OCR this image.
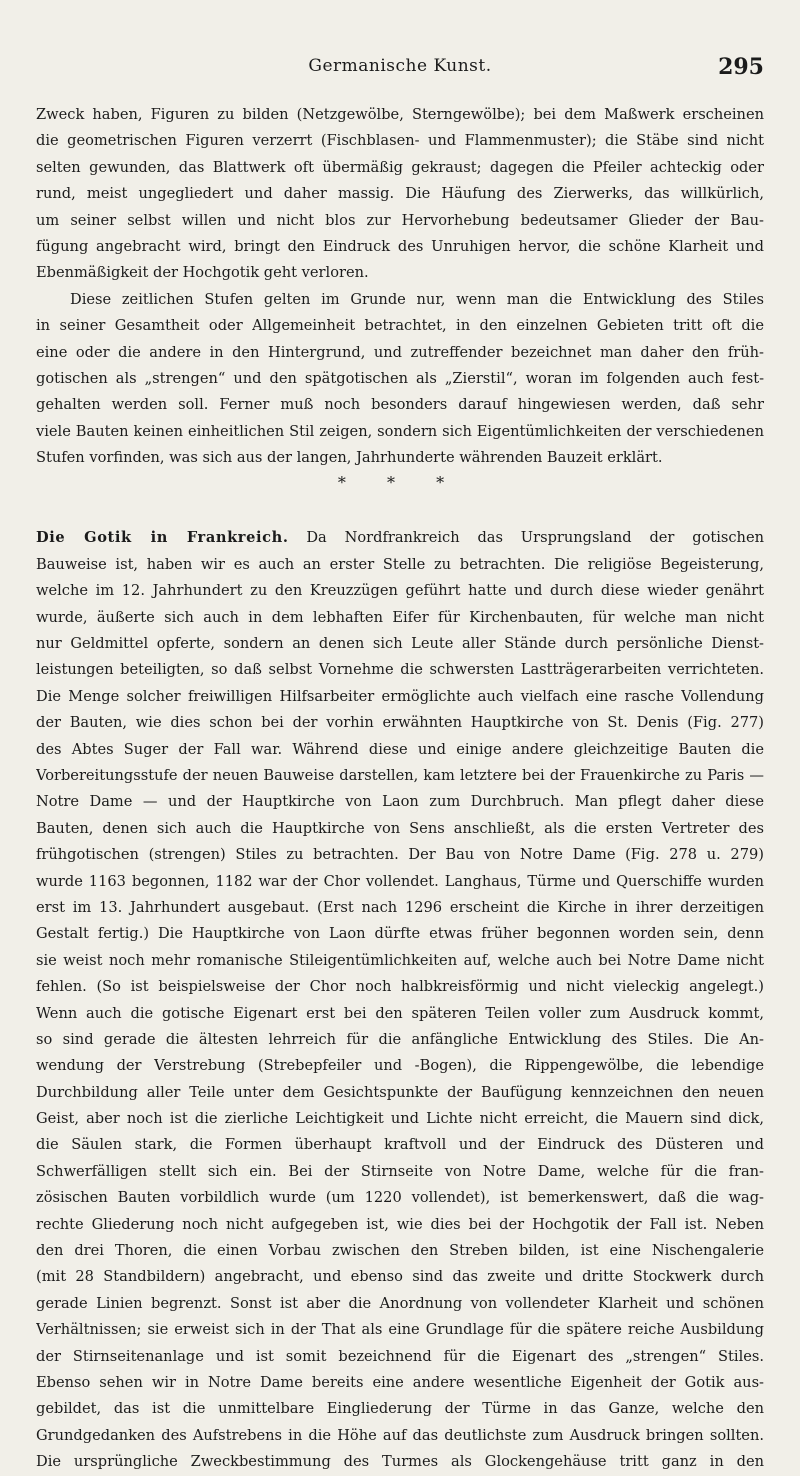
Germanische Kunst.	295
Zweck haben, Figuren zu bilden (Netzgewölbe, Sterngewölbe); bei dem Maßwerk erscheinen
die geometrischen Figuren verzerrt (Fischblasen- und Flammenmuster); die Stäbe sind nicht
selten gewunden, das Blattwerk oft übermäßig gekraust; dagegen die Pfeiler achteckig oder
rund, meist ungegliedert und daher massig. Die Häufung des Zierwerks, das willkürlich,
um seiner selbst willen und nicht blos zur Hervorhebung bedeutsamer Glieder der Bau-
fügung angebracht wird, bringt den Eindruck des Unruhigen hervor, die schöne Klarheit und
Ebenmäßigkeit der Hochgotik geht verloren.
Diese zeitlichen Stufen gelten im Grunde nur, wenn man die Entwicklung des Stiles
in seiner Gesamtheit oder Allgemeinheit betrachtet, in den einzelnen Gebieten tritt oft die
eine oder die andere in den Hintergrund, und zutreffender bezeichnet man daher den früh-
gotischen als „strengen“ und den spätgotischen als „Zierstil“, woran im folgenden auch fest-
gehalten werden soll. Ferner muß noch besonders darauf hingewiesen werden, daß sehr
viele Bauten keinen einheitlichen Stil zeigen, sondern sich Eigentümlichkeiten der verschiedenen
Stufen vorfinden, was sich aus der langen, Jahrhunderte währenden Bauzeit erklärt.
* * *
Die Gotik in Frankreich. Da Nordfrankreich das Ursprungsland der gotischen
Bauweise ist, haben wir es auch an erster Stelle zu betrachten. Die religiöse Begeisterung,
welche im 12. Jahrhundert zu den Kreuzzügen geführt hatte und durch diese wieder genährt
wurde, äußerte sich auch in dem lebhaften Eifer für Kirchenbauten, für welche man nicht
nur Geldmittel opferte, sondern an denen sich Leute aller Stände durch persönliche Dienst-
leistungen beteiligten, so daß selbst Vornehme die schwersten Lastträgerarbeiten verrichteten.
Die Menge solcher freiwilligen Hilfsarbeiter ermöglichte auch vielfach eine rasche Vollendung
der Bauten, wie dies schon bei der vorhin erwähnten Hauptkirche von St. Denis (Fig. 277)
des Abtes Suger der Fall war. Während diese und einige andere gleichzeitige Bauten die
Vorbereitungsstufe der neuen Bauweise darstellen, kam letztere bei der Frauenkirche zu Paris —
Notre Dame — und der Hauptkirche von Laon zum Durchbruch. Man pflegt daher diese
Bauten, denen sich auch die Hauptkirche von Sens anschließt, als die ersten Vertreter des
frühgotischen (strengen) Stiles zu betrachten. Der Bau von Notre Dame (Fig. 278 u. 279)
wurde 1163 begonnen, 1182 war der Chor vollendet. Langhaus, Türme und Querschiffe wurden
erst im 13. Jahrhundert ausgebaut. (Erst nach 1296 erscheint die Kirche in ihrer derzeitigen
Gestalt fertig.) Die Hauptkirche von Laon dürfte etwas früher begonnen worden sein, denn
sie weist noch mehr romanische Stileigentümlichkeiten auf, welche auch bei Notre Dame nicht
fehlen. (So ist beispielsweise der Chor noch halbkreisförmig und nicht vieleckig angelegt.)
Wenn auch die gotische Eigenart erst bei den späteren Teilen voller zum Ausdruck kommt,
so sind gerade die ältesten lehrreich für die anfängliche Entwicklung des Stiles. Die An-
wendung der Verstrebung (Strebepfeiler und -Bogen), die Rippengewölbe, die lebendige
Durchbildung aller Teile unter dem Gesichtspunkte der Baufügung kennzeichnen den neuen
Geist, aber noch ist die zierliche Leichtigkeit und Lichte nicht erreicht, die Mauern sind dick,
die Säulen stark, die Formen überhaupt kraftvoll und der Eindruck des Düsteren und
Schwerfälligen stellt sich ein. Bei der Stirnseite von Notre Dame, welche für die fran-
zösischen Bauten vorbildlich wurde (um 1220 vollendet), ist bemerkenswert, daß die wag-
rechte Gliederung noch nicht aufgegeben ist, wie dies bei der Hochgotik der Fall ist. Neben
den drei Thoren, die einen Vorbau zwischen den Streben bilden, ist eine Nischengalerie
(mit 28 Standbildern) angebracht, und ebenso sind das zweite und dritte Stockwerk durch
gerade Linien begrenzt. Sonst ist aber die Anordnung von vollendeter Klarheit und schönen
Verhältnissen; sie erweist sich in der That als eine Grundlage für die spätere reiche Ausbildung
der Stirnseitenanlage und ist somit bezeichnend für die Eigenart des „strengen“ Stiles.
Ebenso sehen wir in Notre Dame bereits eine andere wesentliche Eigenheit der Gotik aus-
gebildet, das ist die unmittelbare Eingliederung der Türme in das Ganze, welche den
Grundgedanken des Aufstrebens in die Höhe auf das deutlichste zum Ausdruck bringen sollten.
Die ursprüngliche Zweckbestimmung des Turmes als Glockengehäuse tritt ganz in den
